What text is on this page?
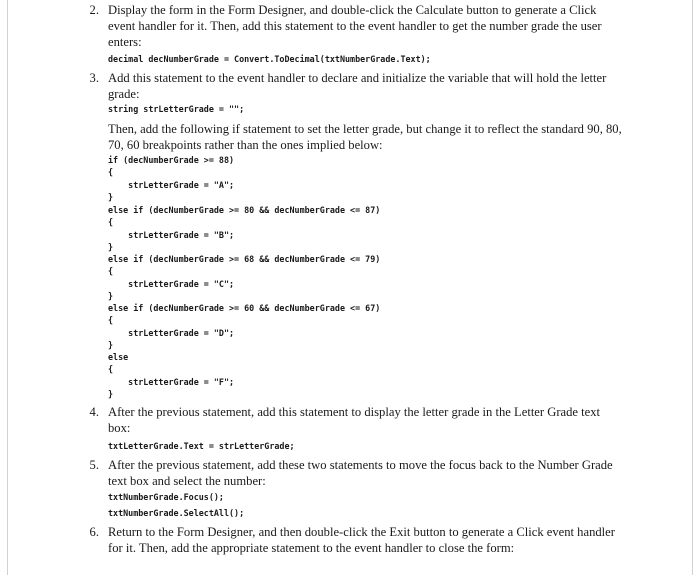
2. Display the form in the Form Designer, and double-click the Calculate button to generate a Click
event handler for it. Then, add this statement to the event handler to get the number grade the user
enters:
decimal decNumberGrade = Convert.ToDecimal(txtNumberGrade.Text);
3. Add this statement to the event handler to declare and initialize the variable that will hold the letter
grade:
string strLetterGrade = "";
Then, add the following if statement to set the letter grade, but change it to reflect the standard 90, 80,
70, 60 breakpoints rather than the ones implied below:
if (decNumberGrade >= 88)
{
strLetterGrade = "A";
}
else if (decNumberGrade >= 80 && decNumberGrade <= 87)
{
strLetterGrade = "B";
}
else if (decNumberGrade >= 68 && decNumberGrade <= 79)
{
strLetterGrade = "C";
}
else if (decNumberGrade >= 60 && decNumberGrade <= 67)
{
strLetterGrade = "D";
}
else
{
strLetterGrade = "F";
}
4. After the previous statement, add this statement to display the letter grade in the Letter Grade text
box:
txtLetterGrade.Text = strLetterGrade;
5. After the previous statement, add these two statements to move the focus back to the Number Grade
text box and select the number:
txtNumberGrade.Focus();
txtNumberGrade.SelectAll();
6. Return to the Form Designer, and then double-click the Exit button to generate a Click event handler
for it. Then, add the appropriate statement to the event handler to close the form:
